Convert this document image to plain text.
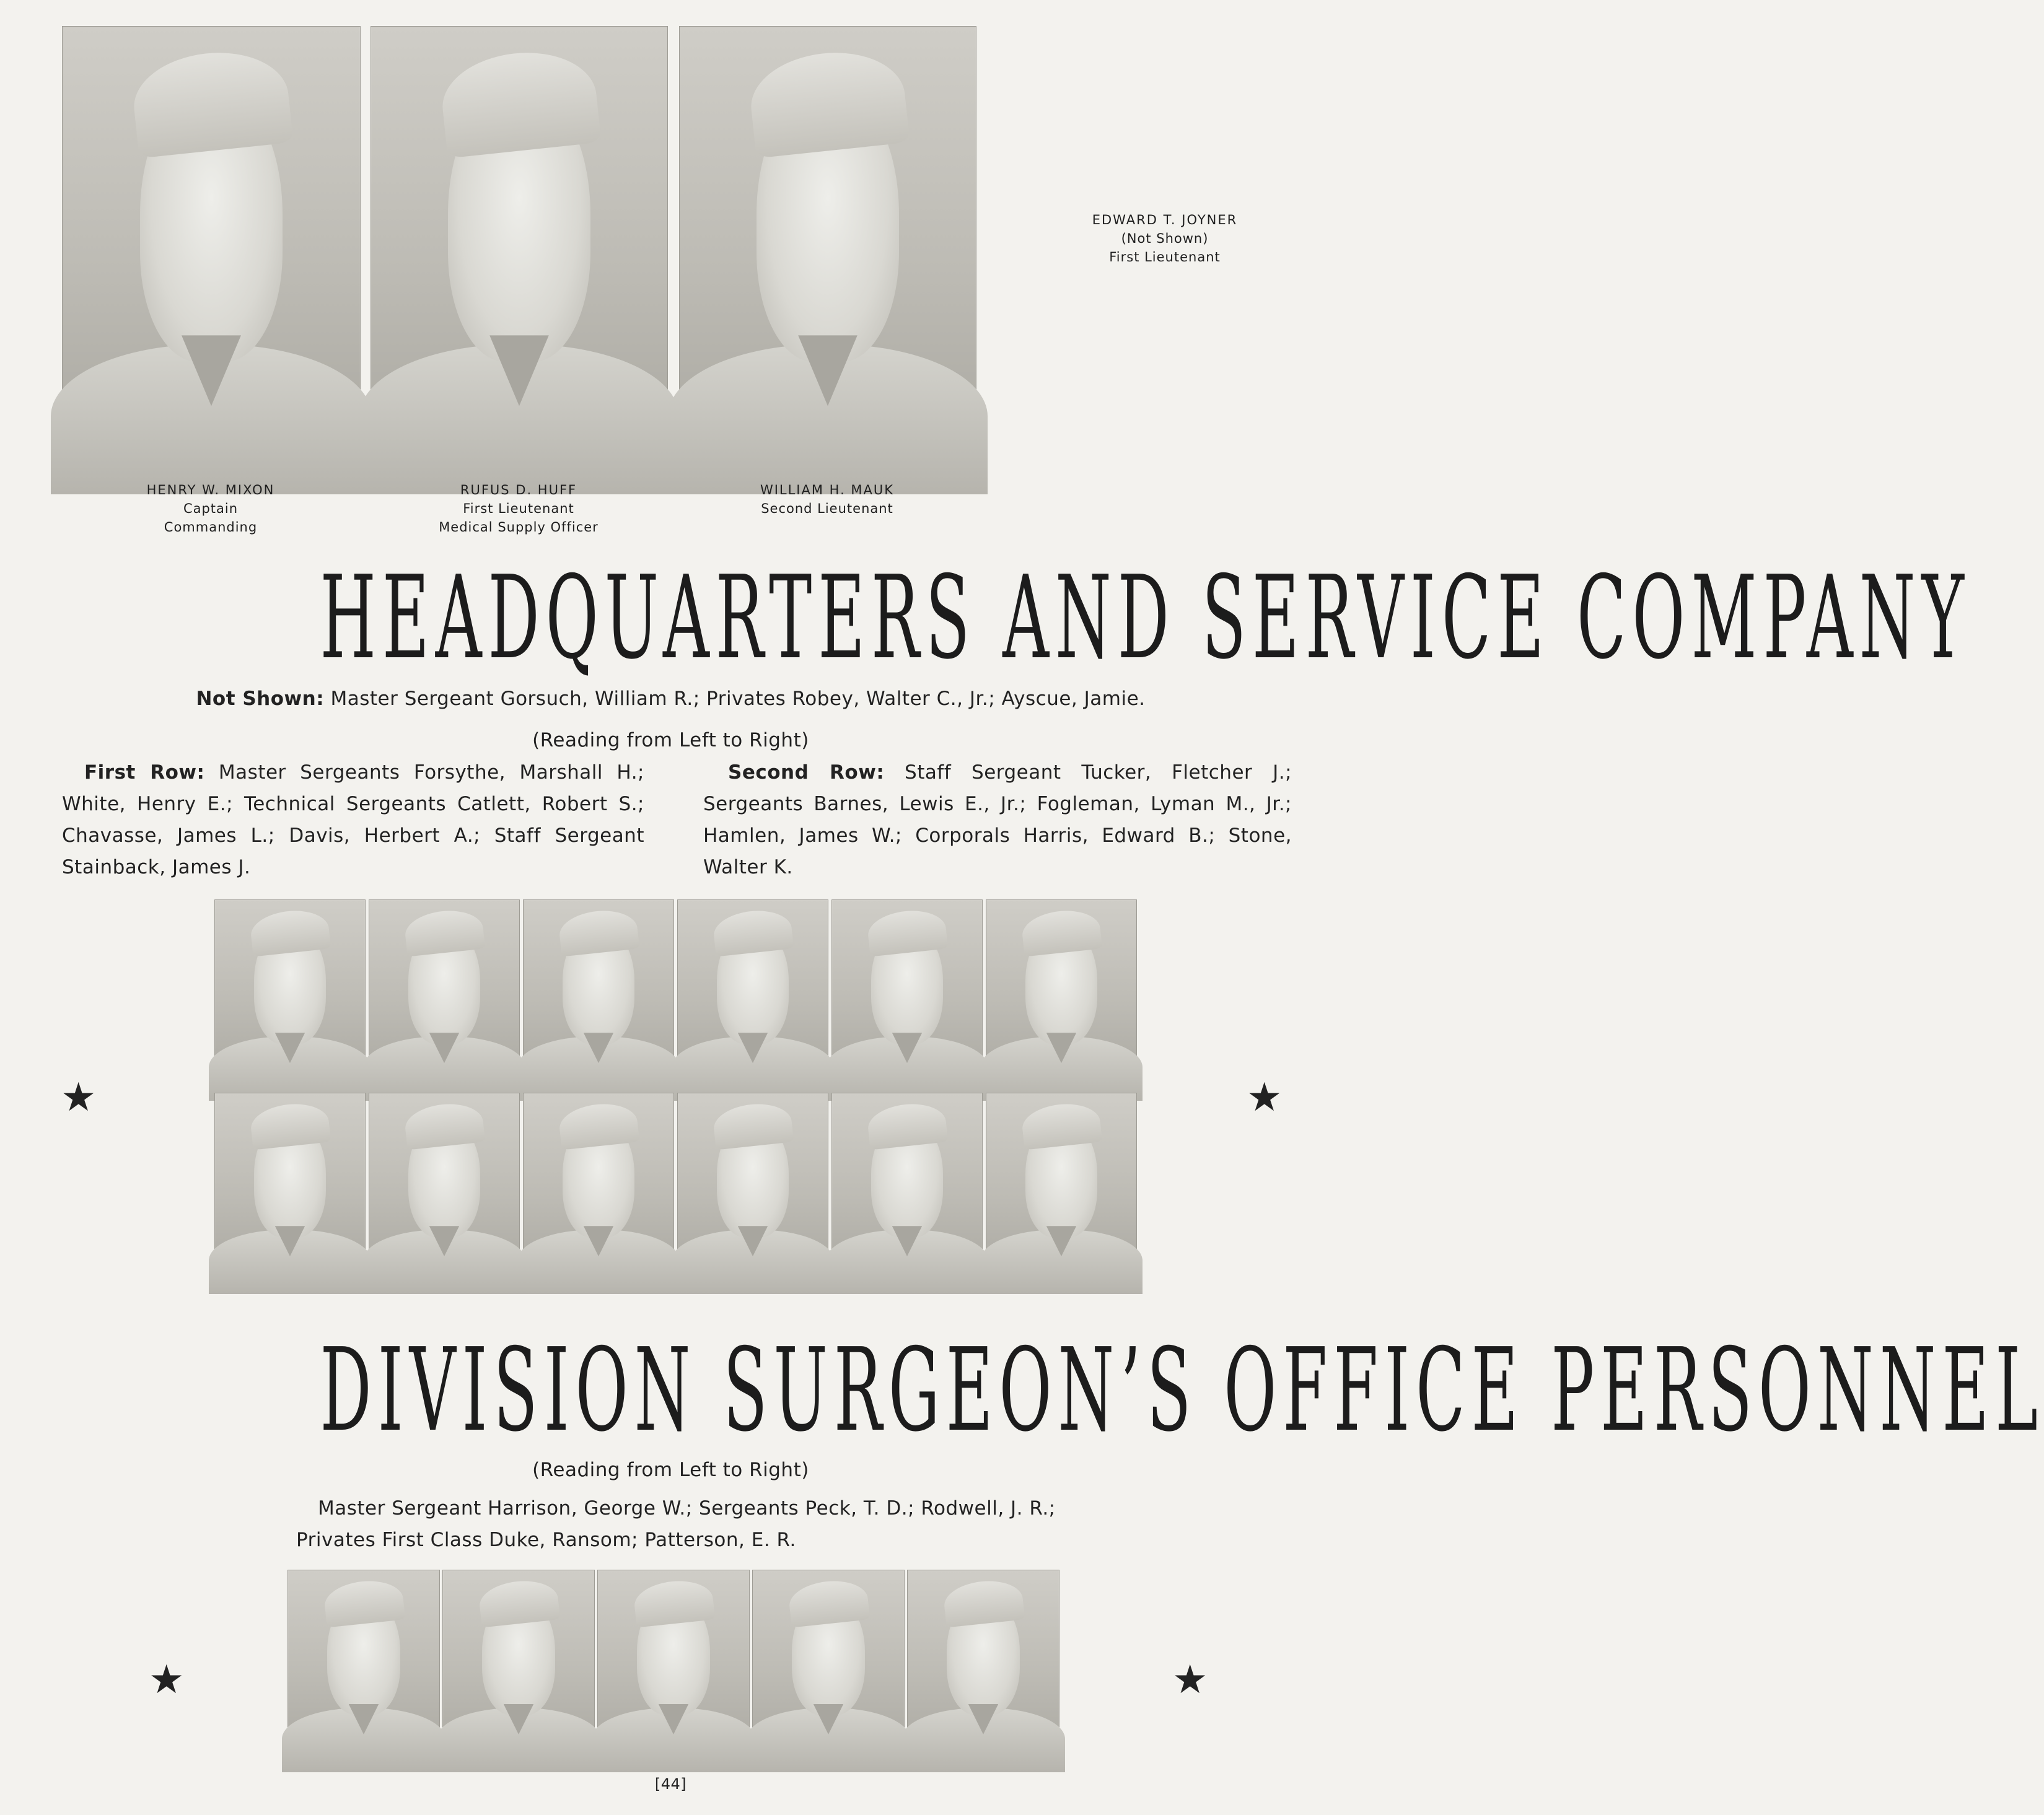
HENRY W. MIXON
Captain
Commanding
RUFUS D. HUFF
First Lieutenant
Medical Supply Officer
WILLIAM H. MAUK
Second Lieutenant
EDWARD T. JOYNER
(Not Shown)
First Lieutenant
HEADQUARTERS AND SERVICE COMPANY
Not Shown: Master Sergeant Gorsuch, William R.; Privates Robey, Walter C., Jr.; Ayscue, Jamie.
(Reading from Left to Right)
First Row: Master Sergeants Forsythe, Marshall H.; White, Henry E.; Technical Sergeants Catlett, Robert S.; Chavasse, James L.; Davis, Herbert A.; Staff Sergeant Stainback, James J.
Second Row: Staff Sergeant Tucker, Fletcher J.; Sergeants Barnes, Lewis E., Jr.; Fogleman, Lyman M., Jr.; Hamlen, James W.; Corporals Harris, Edward B.; Stone, Walter K.
★	★
DIVISION SURGEON’S OFFICE PERSONNEL
(Reading from Left to Right)
Master Sergeant Harrison, George W.; Sergeants Peck, T. D.; Rodwell, J. R.; Privates First Class Duke, Ransom; Patterson, E. R.
★	★
[44]
